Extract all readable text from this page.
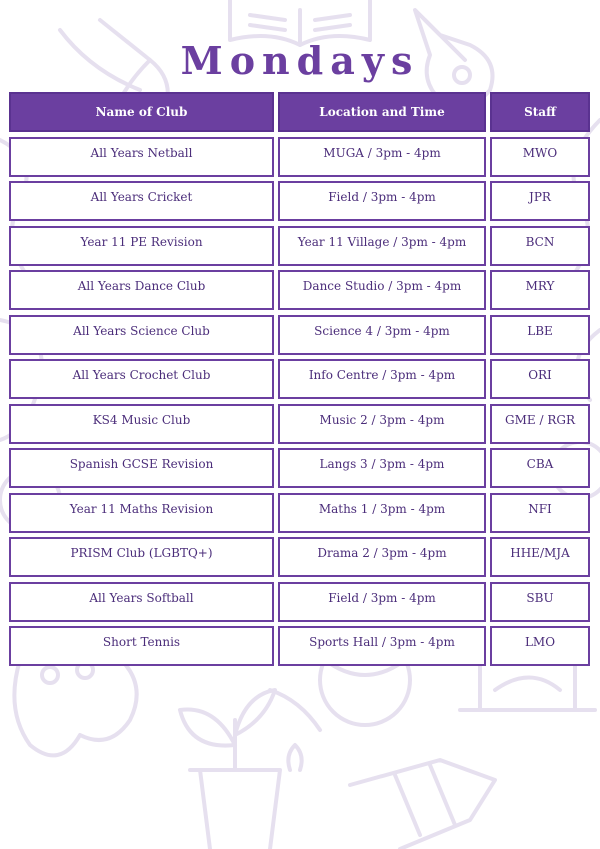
Mondays
Name of Club	Location and Time	Staff
All Years Netball	MUGA / 3pm - 4pm	MWO
All Years Cricket	Field / 3pm - 4pm	JPR
Year 11 PE Revision	Year 11 Village / 3pm - 4pm	BCN
All Years Dance Club	Dance Studio / 3pm - 4pm	MRY
All Years Science Club	Science 4 / 3pm - 4pm	LBE
All Years Crochet Club	Info Centre / 3pm - 4pm	ORI
KS4 Music Club	Music 2 / 3pm - 4pm	GME / RGR
Spanish GCSE Revision	Langs 3 / 3pm - 4pm	CBA
Year 11 Maths Revision	Maths 1 / 3pm - 4pm	NFI
PRISM Club (LGBTQ+)	Drama 2 / 3pm - 4pm	HHE/MJA
All Years Softball	Field / 3pm - 4pm	SBU
Short Tennis	Sports Hall / 3pm - 4pm	LMO
